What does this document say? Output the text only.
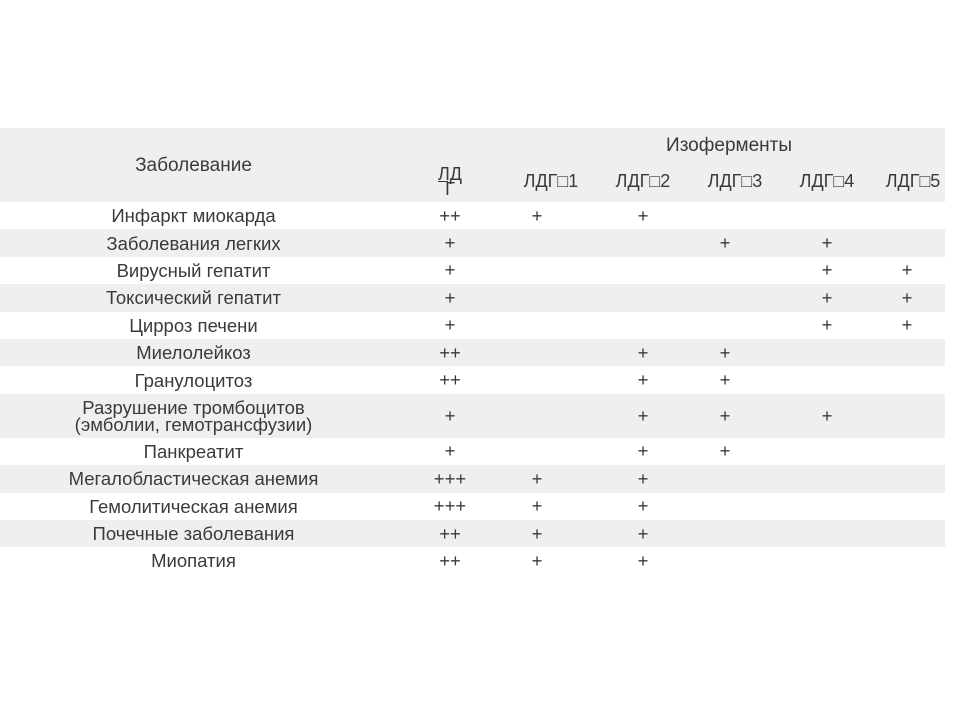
Заболевание		Изоферменты				

	ЛД
Г	ЛДГ□1	ЛДГ□2	ЛДГ□3	ЛДГ□4	ЛДГ□5

Инфаркт миокарда	++	+	+			

Заболевания легких	+			+	+	

Вирусный гепатит	+				+	+

Токсический гепатит	+				+	+

Цирроз печени	+				+	+

Миелолейкоз	++		+	+		

Гранулоцитоз	++		+	+		

Разрушение тромбоцитов
(эмболии, гемотрансфузии)	+		+	+	+	

Панкреатит	+		+	+		

Мегалобластическая анемия	+++	+	+			

Гемолитическая анемия	+++	+	+			

Почечные заболевания	++	+	+			

Миопатия	++	+	+			
